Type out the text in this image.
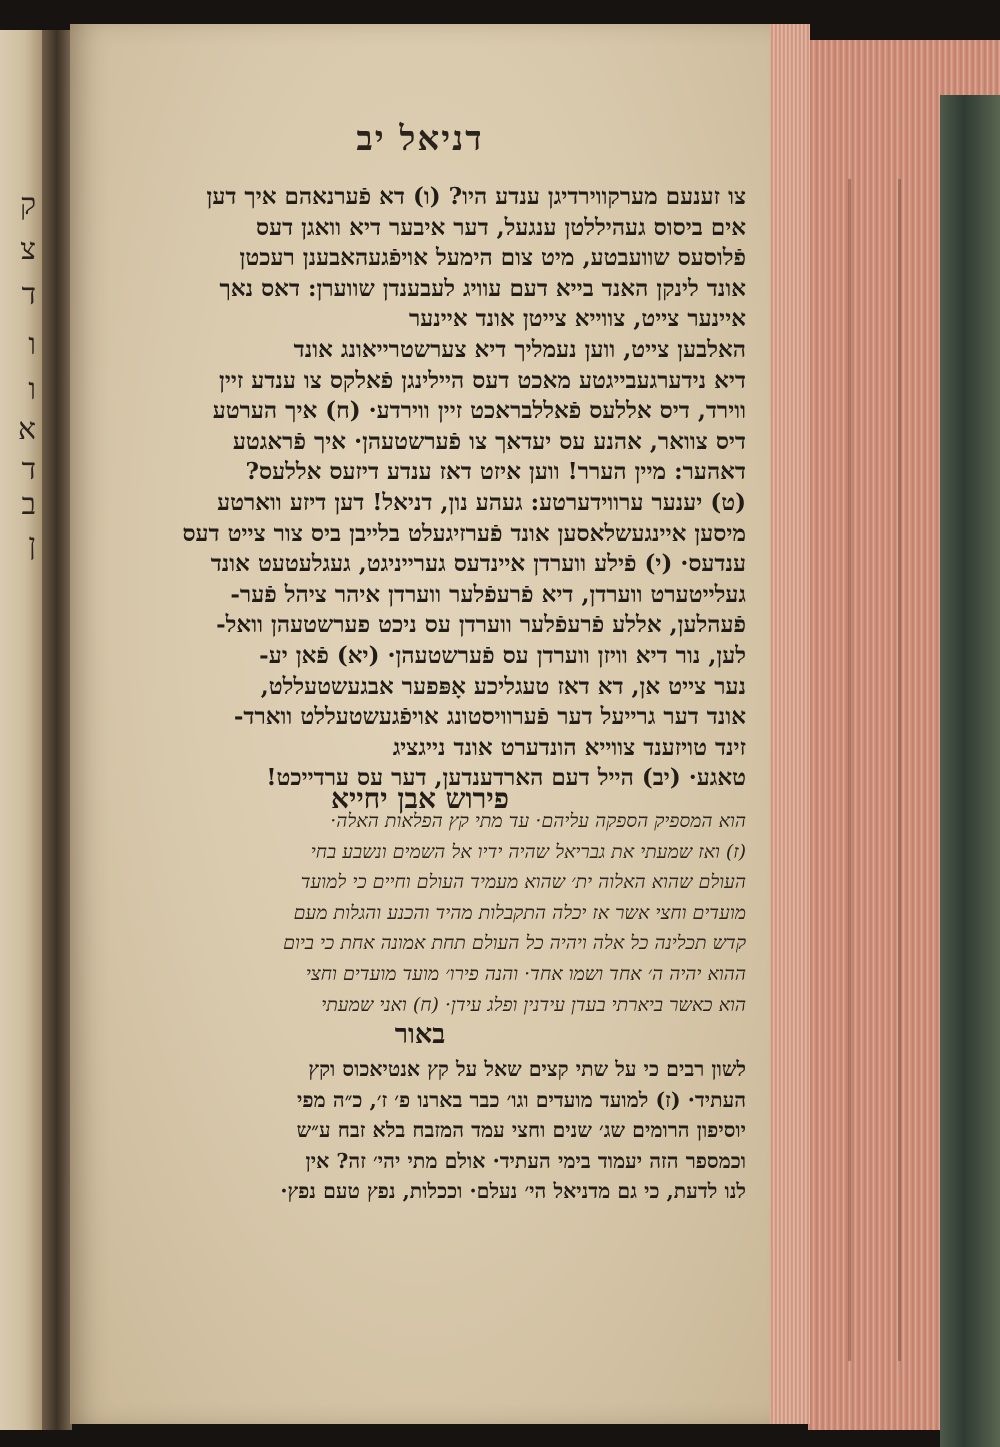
ק
צ
ד
ו
ו
א
ד
ב
ן
דניאל יב
צו זענעם מערקווירדיגן ענדע היו? (ו) דא פֿערנאהם איך דען
אים ביסוס געהיללטן ענגעל, דער איבער דיא וואגן דעס
פֿלוסעס שוועבטע, מיט צום הימעל אויפֿגעהאבענן רעכטן
אונד לינקן האנד בייא דעם עוויג לעבענדן שווערן: דאס נאך
איינער צייט, צווייא צייטן אונד איינער
האלבען צייט, ווען נעמליך דיא צערשטרייאונג אונד
דיא נידערגעבייגטע מאכט דעס היילינגן פֿאלקס צו ענדע זיין
ווירד, דיס אללעס פֿאללבראכט זיין ווירדע· (ח) איך הערטע
דיס צוואר, אהנע עס יעדאך צו פֿערשטעהן· איך פֿראגטע
דאהער: מיין הערר! ווען איזט דאז ענדע דיזעס אללעס?
(ט) יענער ערווידערטע: געהע נון, דניאל! דען דיזע ווארטע
מיסען איינגעשלאסען אונד פֿערזיגעלט בלייבן ביס צור צייט דעס
ענדעס· (י) פֿילע ווערדן איינדעס גערייניגט, געגלעטעט אונד
געלייטערט ווערדן, דיא פֿרעפֿלער ווערדן איהר ציהל פֿער-
פֿעהלען, אללע פֿרעפֿלער ווערדן עס ניכט פערשטעהן וואל-
לען, נור דיא וויזן ווערדן עס פֿערשטעהן· (יא) פֿאן יע-
נער צייט אן, דא דאז טעגליכע אָפּפער אבגעשטעללט,
אונד דער גרייעל דער פֿערוויסטונג אויפֿגעשטעללט ווארד-
זינד טויזענד צווייא הונדערט אונד נייגציג
טאגע· (יב) הייל דעם הארדענדען, דער עס ערדייכט!
פירוש אבן יחייא
הוא המספיק הספקה עליהם· עד מתי קץ הפלאות האלה·
(ז) ואז שמעתי את גבריאל שהיה ידיו אל השמים ונשבע בחי
העולם שהוא האלוה ית׳ שהוא מעמיד העולם וחיים כי למועד
מועדים וחצי אשר אז יכלה התקבלות מהיד והכנע והגלות מעם
קדש תכלינה כל אלה ויהיה כל העולם תחת אמונה אחת כי ביום
ההוא יהיה ה׳ אחד ושמו אחד· והנה פירו׳ מועד מועדים וחצי
הוא כאשר ביארתי בעדן עידנין ופלג עידן· (ח) ואני שמעתי
באור
לשון רבים כי על שתי קצים שאל על קץ אנטיאכוס וקץ
העתיד· (ז) למועד מועדים וגו׳ כבר בארנו פ׳ ז׳, כ״ה מפי
יוסיפון הרומים שג׳ שנים וחצי עמד המזבח בלא זבח ע״ש
וכמספר הזה יעמוד בימי העתיד· אולם מתי יהי׳ זה? אין
לנו לדעת, כי גם מדניאל הי׳ נעלם· וככלות, נפץ טעם נפץ·
